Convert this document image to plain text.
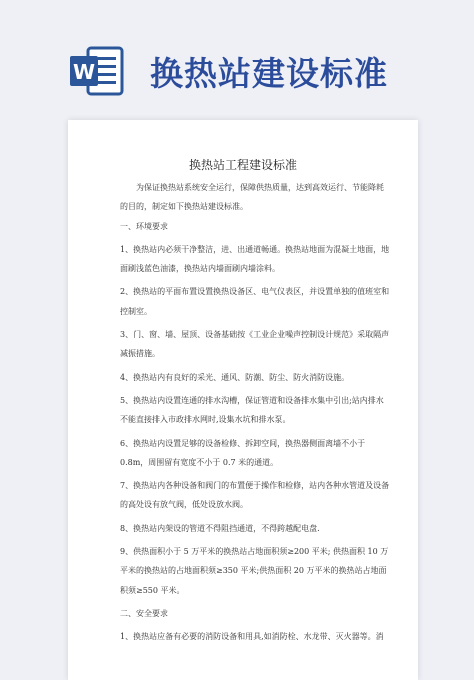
W 换热站建设标准
换热站工程建设标准

为保证换热站系统安全运行，保障供热质量，达到高效运行、节能降耗的目的，制定如下换热站建设标准。

一、环境要求

1、换热站内必须干净整洁，进、出通道畅通。换热站地面为混凝土地面，地面刷浅蓝色油漆，换热站内墙面刷内墙涂料。

2、换热站的平面布置设置换热设备区、电气仪表区，并设置单独的值班室和控制室。

3、门、窗、墙、屋顶、设备基础按《工业企业噪声控制设计规范》采取隔声减振措施。

4、换热站内有良好的采光、通风、防潮、防尘、防火消防设施。

5、换热站内设置连通的排水沟槽，保证管道和设备排水集中引出;站内排水不能直接排入市政排水网时,设集水坑和排水泵。

6、换热站内设置足够的设备检修、拆卸空间，换热器侧面离墙不小于 0.8m，周围留有宽度不小于 0.7 米的通道。

7、换热站内各种设备和阀门的布置便于操作和检修，站内各种水管道及设备的高处设有放气阀，低处设放水阀。

8、换热站内架设的管道不得阻挡通道，不得跨越配电盘.

9、供热面积小于 5 万平米的换热站占地面积须≥200 平米; 供热面积 10 万平米的换热站的占地面积须≥350 平米;供热面积 20 万平米的换热站占地面积须≥550 平米。

二、安全要求

1、换热站应备有必要的消防设备和用具,如消防栓、水龙带、灭火器等。消
